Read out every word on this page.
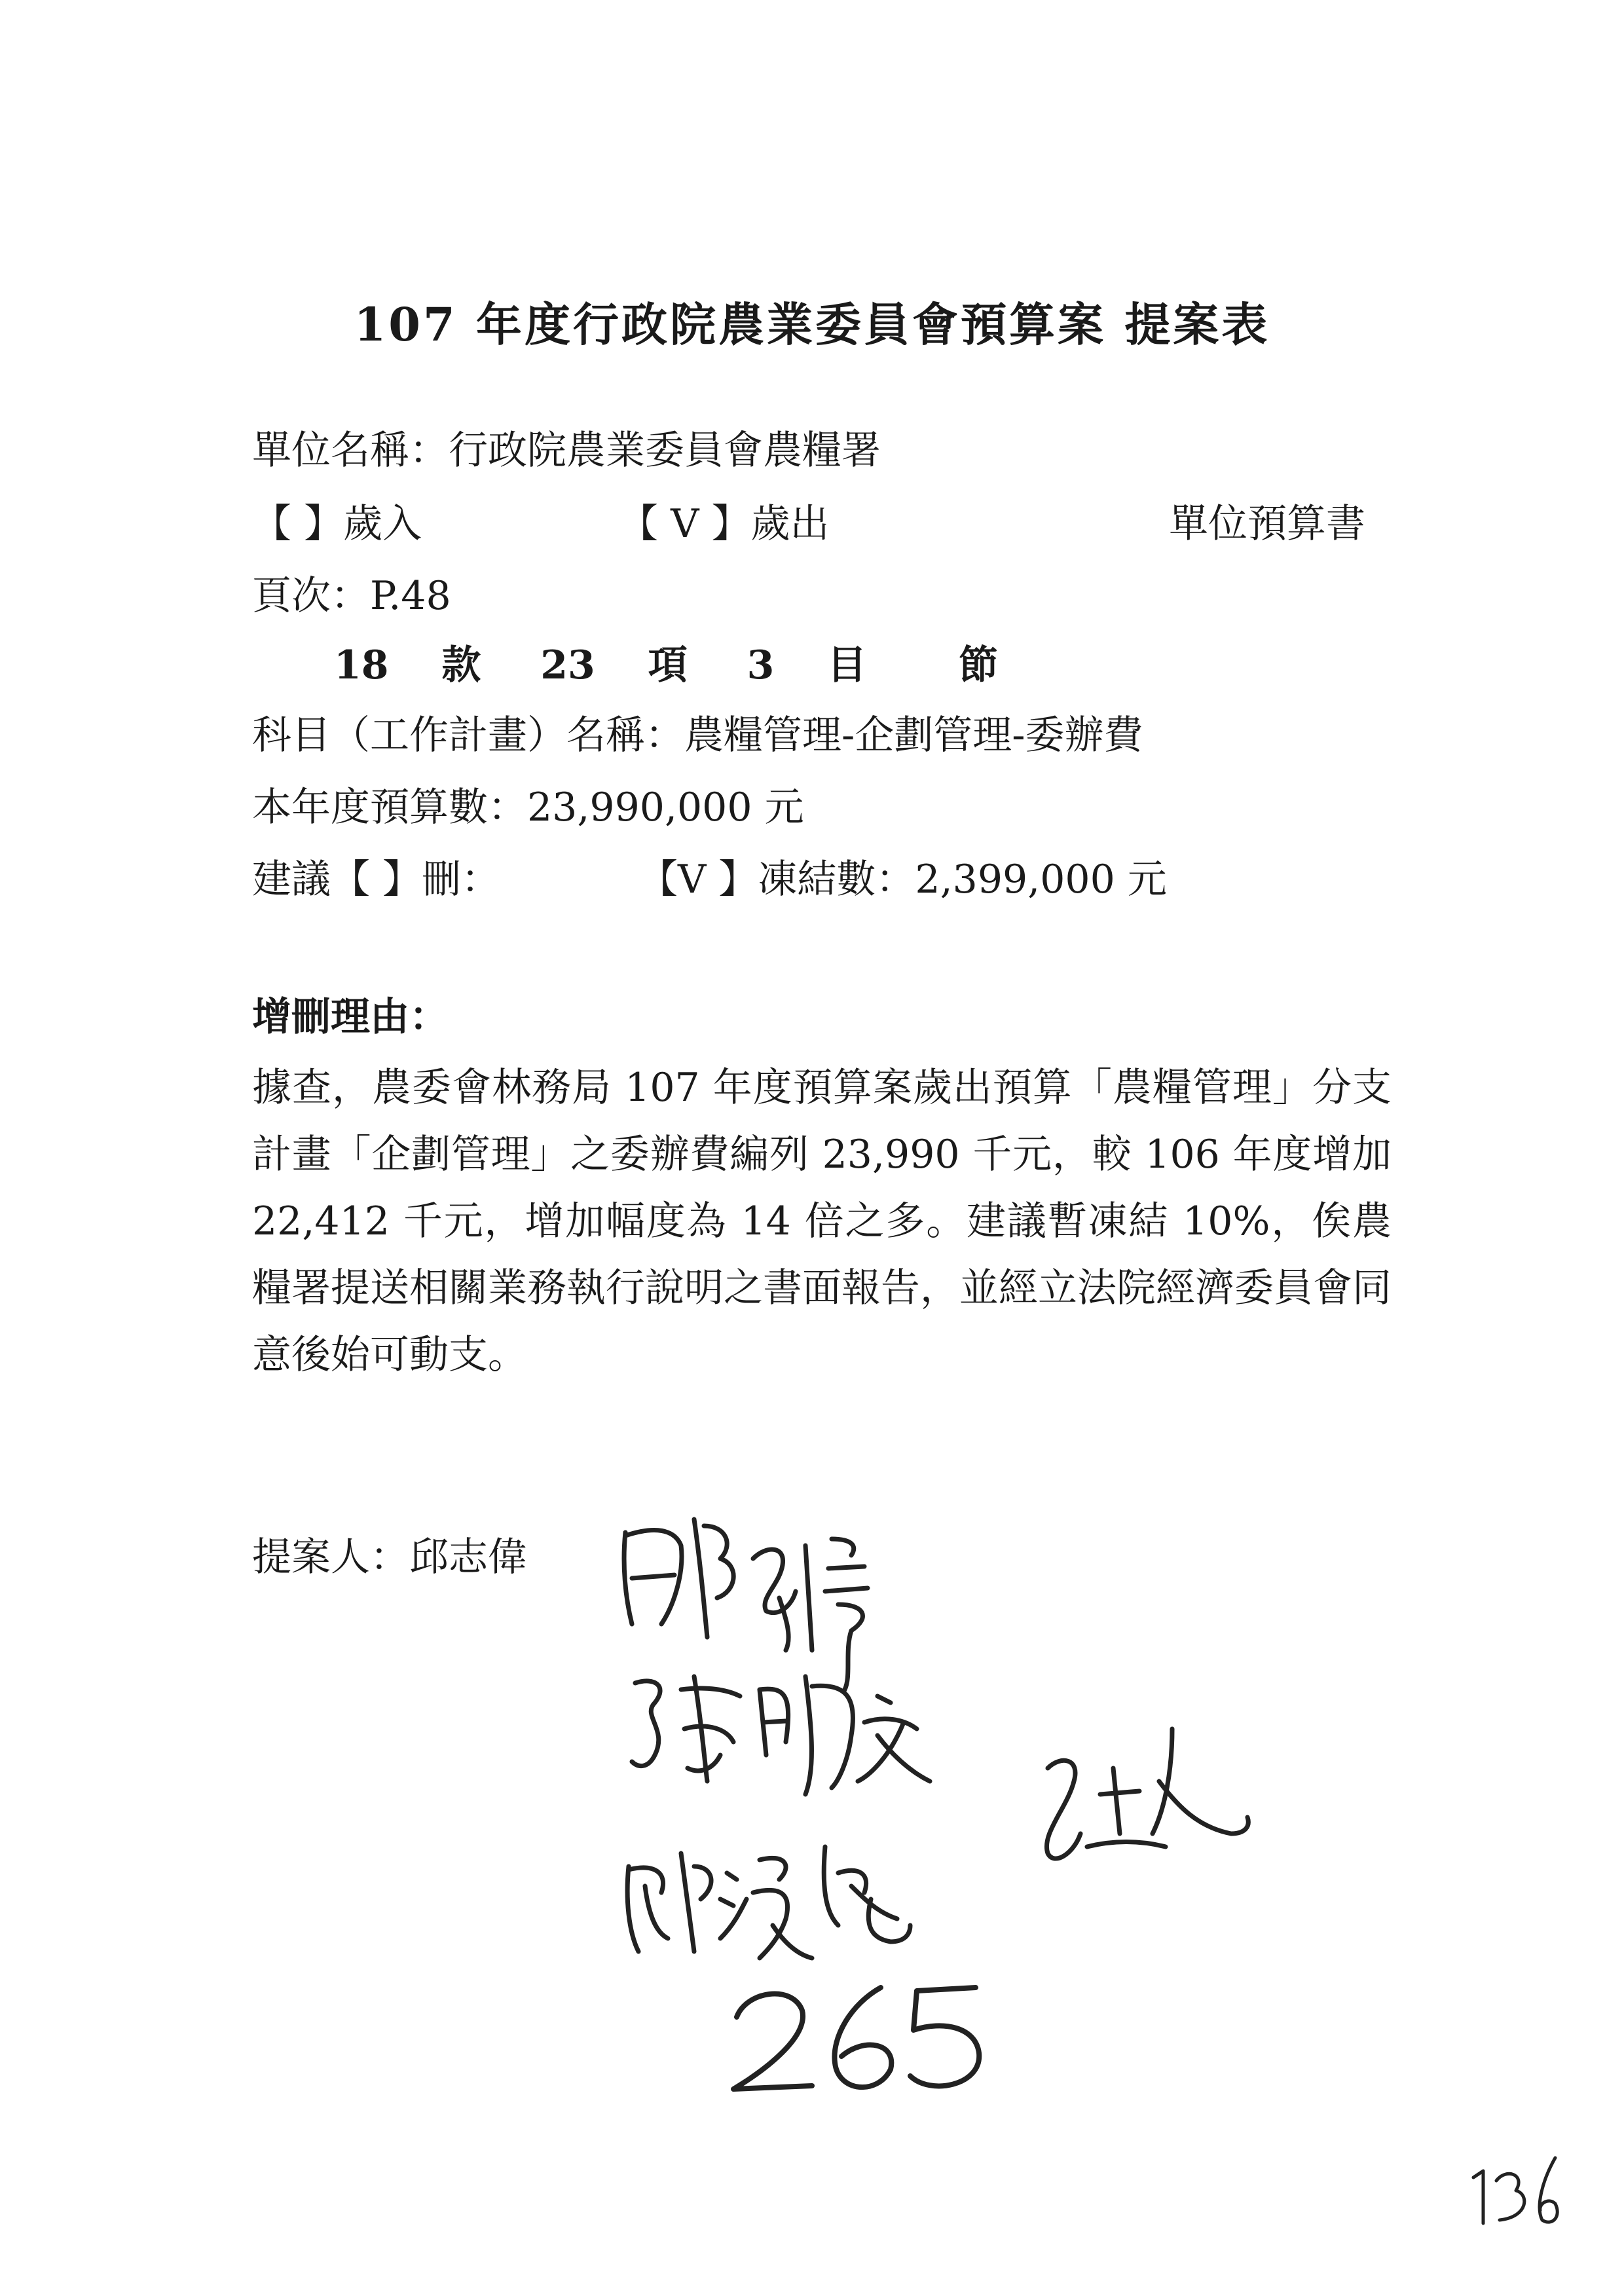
107 年度行政院農業委員會預算案 提案表
單位名稱：行政院農業委員會農糧署
【 】歲入	【 V 】歲出	單位預算書
頁次：P.48
18 款 23 項 3 目 節
科目（工作計畫）名稱：農糧管理-企劃管理-委辦費
本年度預算數：23,990,000 元
建議【 】刪：	【V 】凍結數：2,399,000 元
增刪理由：

據查，農委會林務局 107 年度預算案歲出預算「農糧管理」分支計畫「企劃管理」之委辦費編列 23,990 千元，較 106 年度增加 22,412 千元，增加幅度為 14 倍之多。建議暫凍結 10%，俟農糧署提送相關業務執行說明之書面報告，並經立法院經濟委員會同意後始可動支。

提案人：邱志偉
